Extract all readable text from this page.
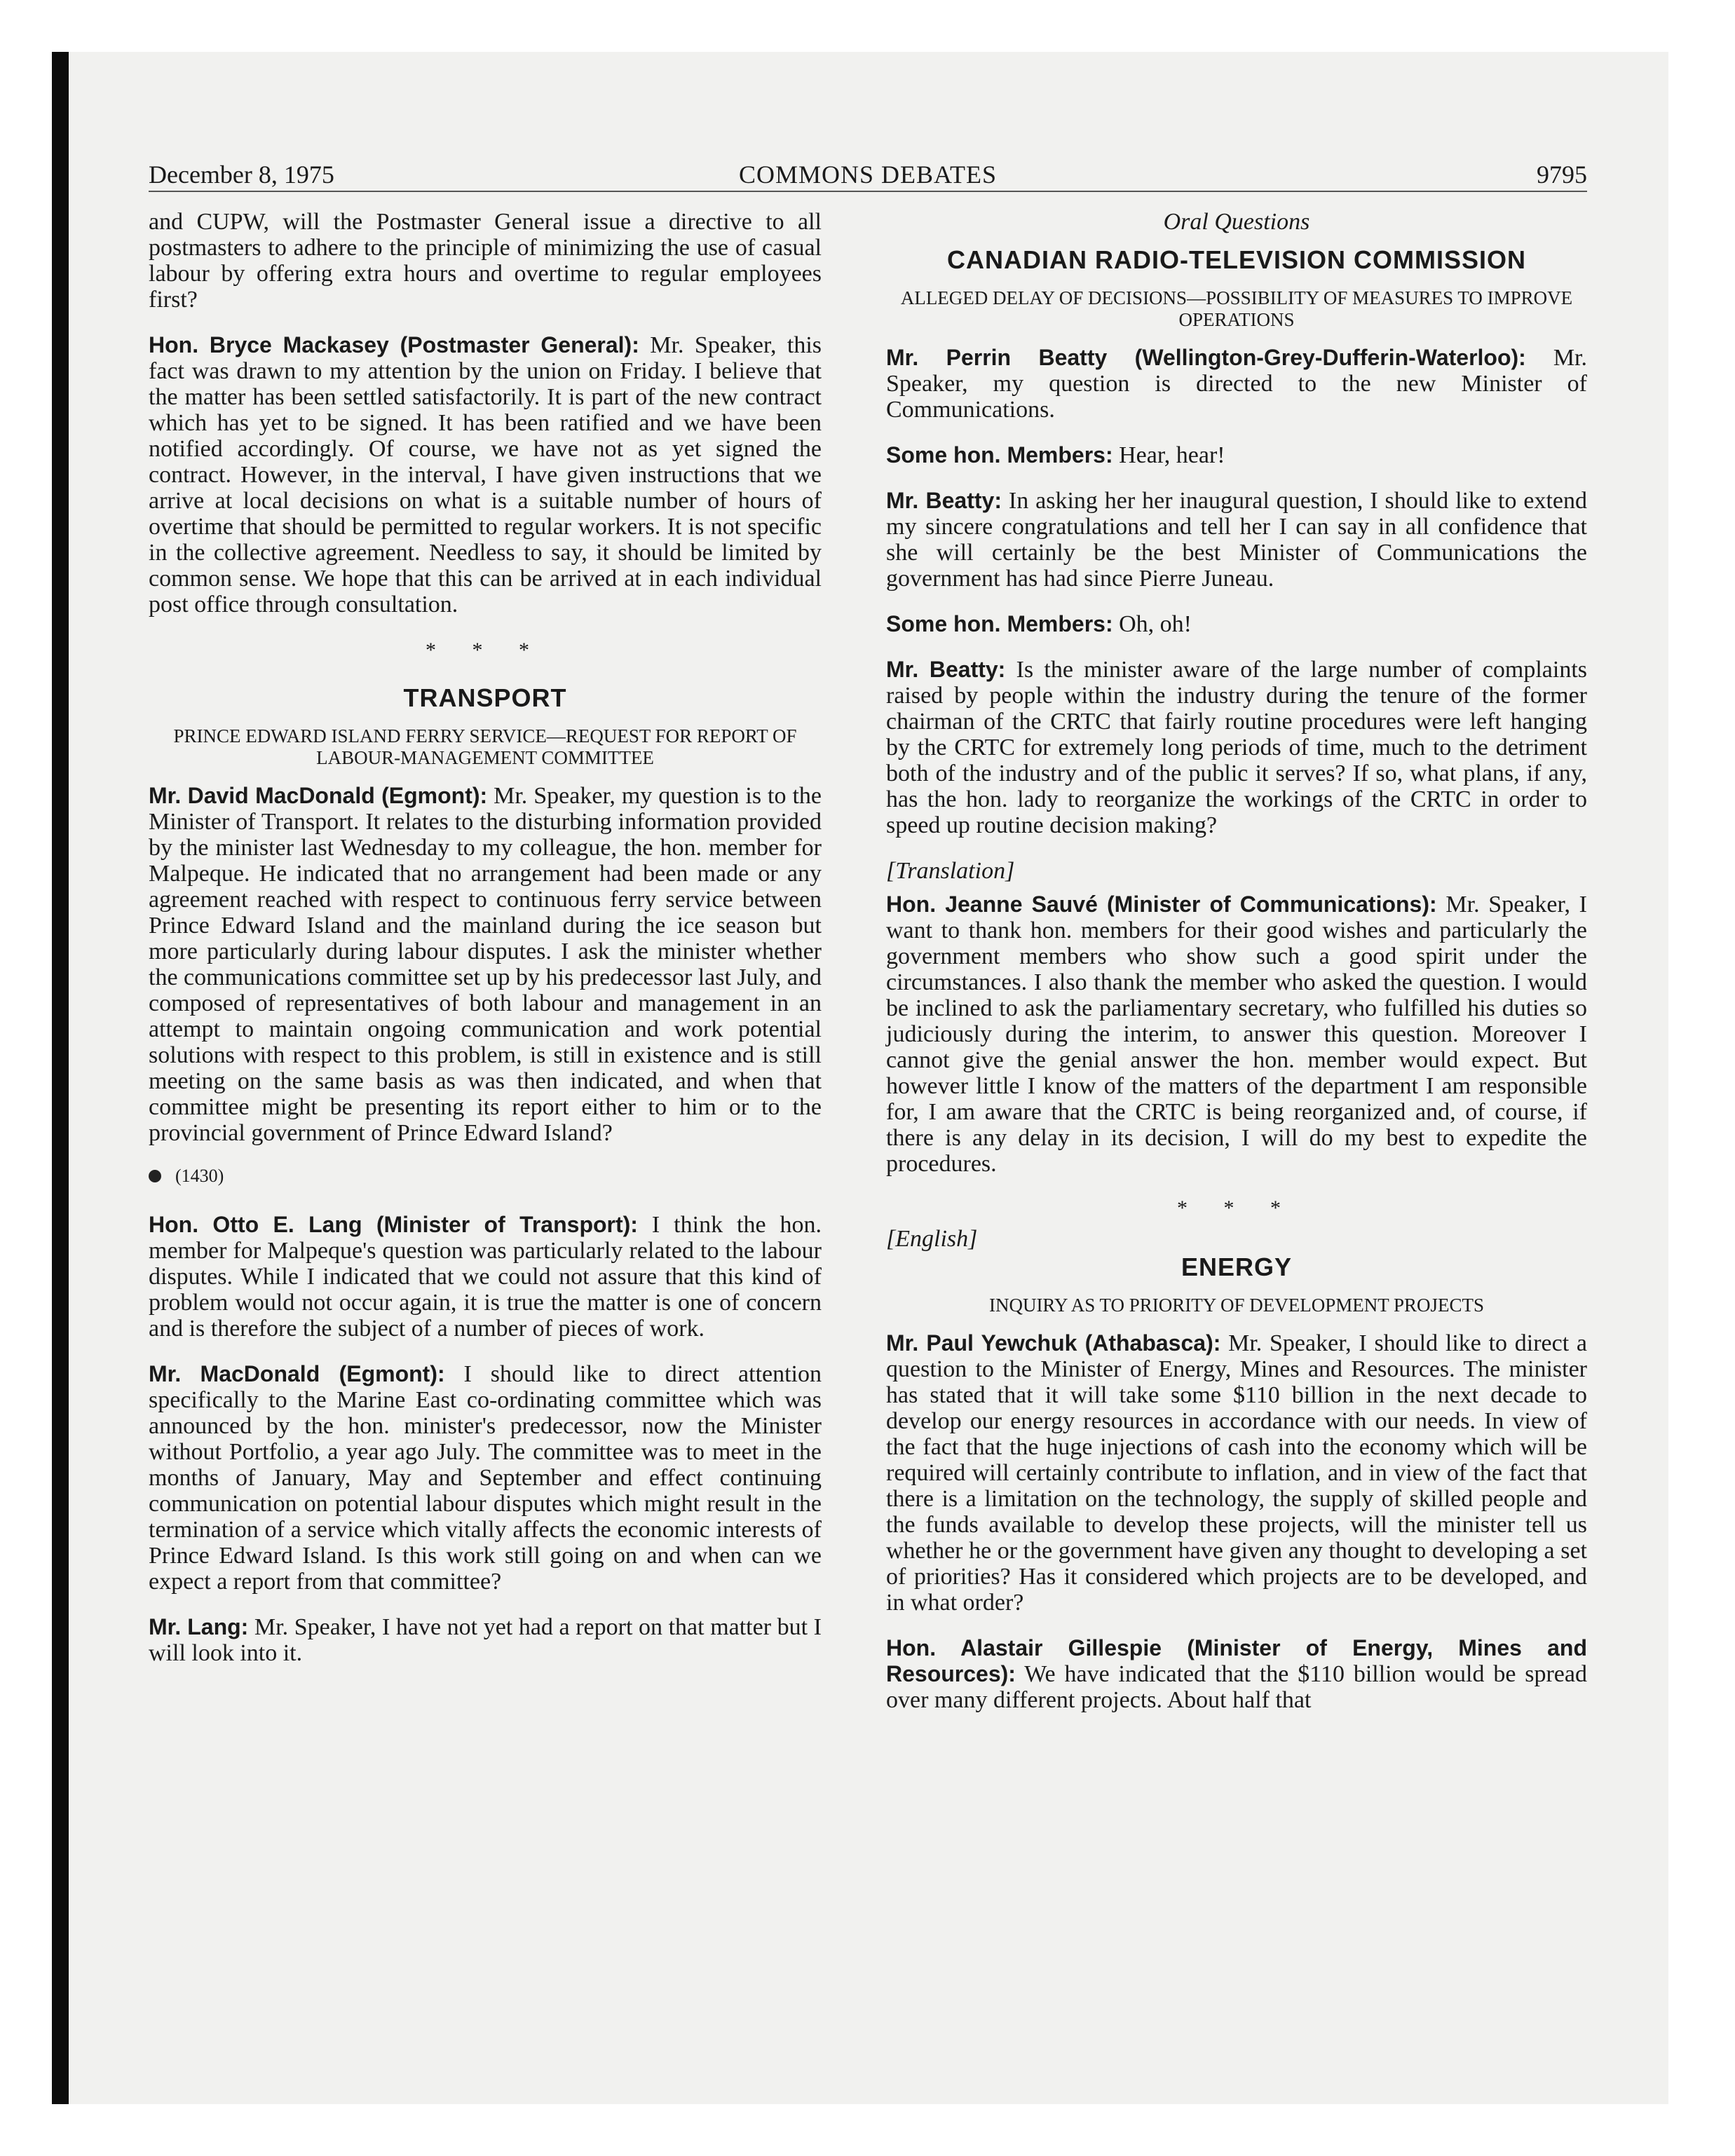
December 8, 1975	COMMONS DEBATES	9795

and CUPW, will the Postmaster General issue a directive to all postmasters to adhere to the principle of minimizing the use of casual labour by offering extra hours and overtime to regular employees first?

Hon. Bryce Mackasey (Postmaster General): Mr. Speaker, this fact was drawn to my attention by the union on Friday. I believe that the matter has been settled satisfactorily. It is part of the new contract which has yet to be signed. It has been ratified and we have been notified accordingly. Of course, we have not as yet signed the contract. However, in the interval, I have given instructions that we arrive at local decisions on what is a suitable number of hours of overtime that should be permitted to regular workers. It is not specific in the collective agreement. Needless to say, it should be limited by common sense. We hope that this can be arrived at in each individual post office through consultation.

* * *
TRANSPORT
PRINCE EDWARD ISLAND FERRY SERVICE—REQUEST FOR REPORT OF LABOUR-MANAGEMENT COMMITTEE

Mr. David MacDonald (Egmont): Mr. Speaker, my question is to the Minister of Transport. It relates to the disturbing information provided by the minister last Wednesday to my colleague, the hon. member for Malpeque. He indicated that no arrangement had been made or any agreement reached with respect to continuous ferry service between Prince Edward Island and the mainland during the ice season but more particularly during labour disputes. I ask the minister whether the communications committee set up by his predecessor last July, and composed of representatives of both labour and management in an attempt to maintain ongoing communication and work potential solutions with respect to this problem, is still in existence and is still meeting on the same basis as was then indicated, and when that committee might be presenting its report either to him or to the provincial government of Prince Edward Island?

(1430)

Hon. Otto E. Lang (Minister of Transport): I think the hon. member for Malpeque's question was particularly related to the labour disputes. While I indicated that we could not assure that this kind of problem would not occur again, it is true the matter is one of concern and is therefore the subject of a number of pieces of work.

Mr. MacDonald (Egmont): I should like to direct attention specifically to the Marine East co-ordinating committee which was announced by the hon. minister's predecessor, now the Minister without Portfolio, a year ago July. The committee was to meet in the months of January, May and September and effect continuing communication on potential labour disputes which might result in the termination of a service which vitally affects the economic interests of Prince Edward Island. Is this work still going on and when can we expect a report from that committee?

Mr. Lang: Mr. Speaker, I have not yet had a report on that matter but I will look into it.

Oral Questions
CANADIAN RADIO-TELEVISION COMMISSION
ALLEGED DELAY OF DECISIONS—POSSIBILITY OF MEASURES TO IMPROVE OPERATIONS

Mr. Perrin Beatty (Wellington-Grey-Dufferin-Waterloo): Mr. Speaker, my question is directed to the new Minister of Communications.

Some hon. Members: Hear, hear!

Mr. Beatty: In asking her her inaugural question, I should like to extend my sincere congratulations and tell her I can say in all confidence that she will certainly be the best Minister of Communications the government has had since Pierre Juneau.

Some hon. Members: Oh, oh!

Mr. Beatty: Is the minister aware of the large number of complaints raised by people within the industry during the tenure of the former chairman of the CRTC that fairly routine procedures were left hanging by the CRTC for extremely long periods of time, much to the detriment both of the industry and of the public it serves? If so, what plans, if any, has the hon. lady to reorganize the workings of the CRTC in order to speed up routine decision making?

[Translation]

Hon. Jeanne Sauvé (Minister of Communications): Mr. Speaker, I want to thank hon. members for their good wishes and particularly the government members who show such a good spirit under the circumstances. I also thank the member who asked the question. I would be inclined to ask the parliamentary secretary, who fulfilled his duties so judiciously during the interim, to answer this question. Moreover I cannot give the genial answer the hon. member would expect. But however little I know of the matters of the department I am responsible for, I am aware that the CRTC is being reorganized and, of course, if there is any delay in its decision, I will do my best to expedite the procedures.

* * *
[English]
ENERGY
INQUIRY AS TO PRIORITY OF DEVELOPMENT PROJECTS

Mr. Paul Yewchuk (Athabasca): Mr. Speaker, I should like to direct a question to the Minister of Energy, Mines and Resources. The minister has stated that it will take some $110 billion in the next decade to develop our energy resources in accordance with our needs. In view of the fact that the huge injections of cash into the economy which will be required will certainly contribute to inflation, and in view of the fact that there is a limitation on the technology, the supply of skilled people and the funds available to develop these projects, will the minister tell us whether he or the government have given any thought to developing a set of priorities? Has it considered which projects are to be developed, and in what order?

Hon. Alastair Gillespie (Minister of Energy, Mines and Resources): We have indicated that the $110 billion would be spread over many different projects. About half that
